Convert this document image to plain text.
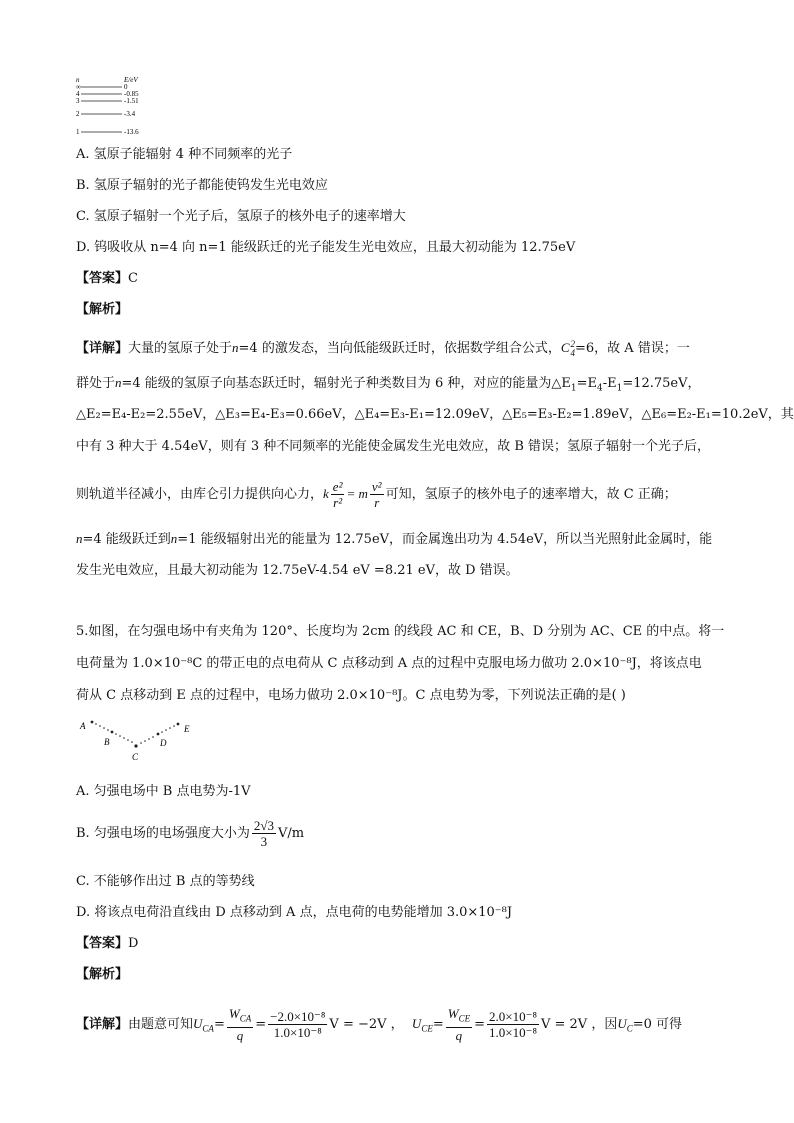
n	E/eV
∞	0
4	-0.85
3	-1.51
2	-3.4
1	-13.6
A. 氢原子能辐射 4 种不同频率的光子
B. 氢原子辐射的光子都能使钨发生光电效应
C. 氢原子辐射一个光子后，氢原子的核外电子的速率增大
D. 钨吸收从 n=4 向 n=1 能级跃迁的光子能发生光电效应，且最大初动能为 12.75eV
【答案】C
【解析】
【详解】大量的氢原子处于n=4 的激发态，当向低能级跃迁时，依据数学组合公式，C 2
4 =6，故 A 错误；一
群处于n=4 能级的氢原子向基态跃迁时，辐射光子种类数目为 6 种，对应的能量为$\triangle E_1=E_4-E_1=12.75eV$，
△E₂=E₄-E₂=2.55eV，△E₃=E₄-E₃=0.66eV，△E₄=E₃-E₁=12.09eV，△E₅=E₃-E₂=1.89eV，△E₆=E₂-E₁=10.2eV，其
中有 3 种大于 4.54eV，则有 3 种不同频率的光能使金属发生光电效应，故 B 错误；氢原子辐射一个光子后，
则轨道半径减小，由库仑引力提供向心力，k $\frac{\text{e²}}{\text{r²}} = m \frac{\text{v²}}{r}$ 可知，氢原子的核外电子的速率增大，故 C 正确；
n=4 能级跃迁到n=1 能级辐射出光的能量为 12.75eV，而金属逸出功为 4.54eV，所以当光照射此金属时，能
发生光电效应，且最大初动能为 12.75eV-4.54 eV =8.21 eV，故 D 错误。
5.如图，在匀强电场中有夹角为 120°、长度均为 2cm 的线段 AC 和 CE，B、D 分别为 AC、CE 的中点。将一
电荷量为 1.0×10⁻⁸C 的带正电的点电荷从 C 点移动到 A 点的过程中克服电场力做功 2.0×10⁻⁸J，将该点电
荷从 C 点移动到 E 点的过程中，电场力做功 2.0×10⁻⁸J。C 点电势为零，下列说法正确的是( )
A
B
C
D
E
A. 匀强电场中 B 点电势为-1V
B. 匀强电场的电场强度大小为 $\frac{2√3}{3} V/m$
C. 不能够作出过 B 点的等势线
D. 将该点电荷沿直线由 D 点移动到 A 点，点电荷的电势能增加 3.0×10⁻⁸J
【答案】D
【解析】
【详解】由题意可知$U_{CA}= \frac{W_{CA}}{q} = \frac{\text{−2.0×10⁻⁸}}{\text{1.0×10⁻⁸}}$ V = −2V ， $U_{CE}= \frac{W_{CE}}{q} = \frac{\text{2.0×10⁻⁸}}{\text{1.0×10⁻⁸}}$ V = 2V ，因$U_C=0$ 可得
